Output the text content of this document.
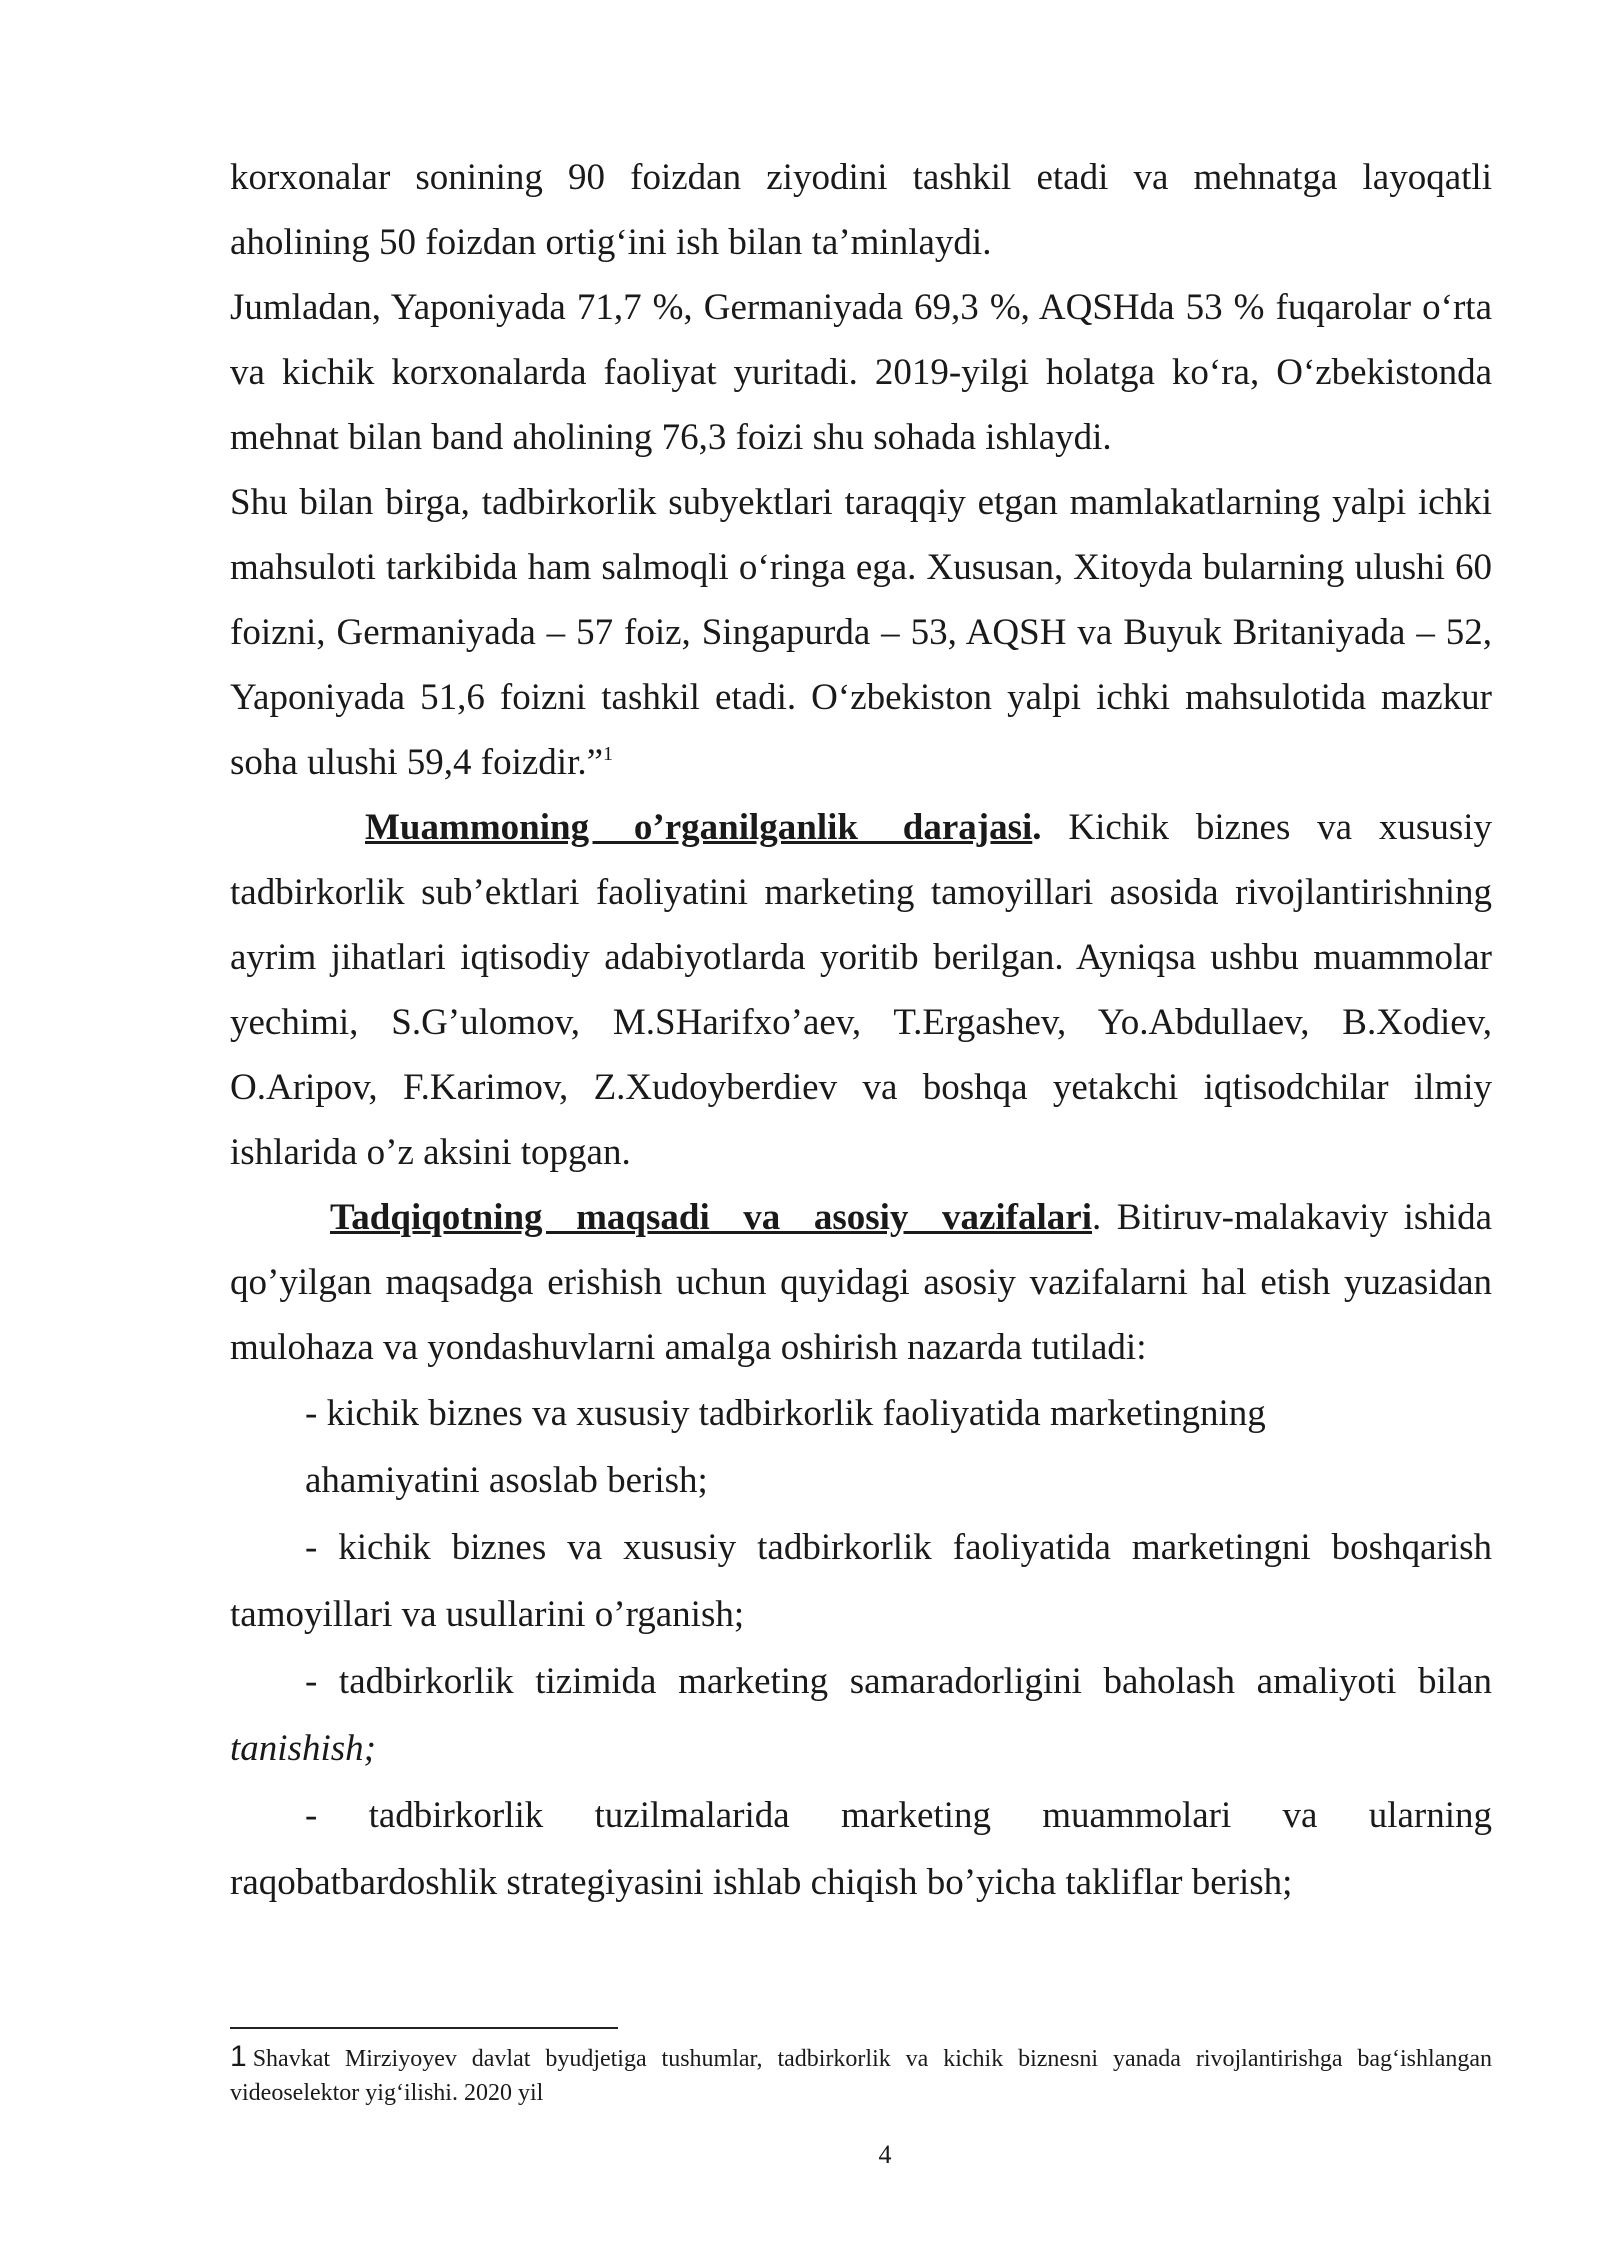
korxonalar sonining 90 foizdan ziyodini tashkil etadi va mehnatga layoqatli aholining 50 foizdan ortig‘ini ish bilan ta’minlaydi.

Jumladan, Yaponiyada 71,7 %, Germaniyada 69,3 %, AQSHda 53 % fuqarolar o‘rta va kichik korxonalarda faoliyat yuritadi. 2019-yilgi holatga ko‘ra, O‘zbekistonda mehnat bilan band aholining 76,3 foizi shu sohada ishlaydi.

Shu bilan birga, tadbirkorlik subyektlari taraqqiy etgan mamlakatlarning yalpi ichki mahsuloti tarkibida ham salmoqli o‘ringa ega. Xususan, Xitoyda bularning ulushi 60 foizni, Germaniyada – 57 foiz, Singapurda – 53, AQSH va Buyuk Britaniyada – 52, Yaponiyada 51,6 foizni tashkil etadi. O‘zbekiston yalpi ichki mahsulotida mazkur soha ulushi 59,4 foizdir.”$^1$

Muammoning o’rganilganlik darajasi. Kichik biznes va xususiy tadbirkorlik sub’ektlari faoliyatini marketing tamoyillari asosida rivojlantirishning ayrim jihatlari iqtisodiy adabiyotlarda yoritib berilgan. Ayniqsa ushbu muammolar yechimi, S.G’ulomov, M.SHarifxo’aev, T.Ergashev, Yo.Abdullaev, B.Xodiev, O.Aripov, F.Karimov, Z.Xudoyberdiev va boshqa yetakchi iqtisodchilar ilmiy ishlarida o’z aksini topgan.

Tadqiqotning maqsadi va asosiy vazifalari. Bitiruv-malakaviy ishida qo’yilgan maqsadga erishish uchun quyidagi asosiy vazifalarni hal etish yuzasidan mulohaza va yondashuvlarni amalga oshirish nazarda tutiladi:

- kichik biznes va xususiy tadbirkorlik faoliyatida marketingning

ahamiyatini asoslab berish;

- kichik biznes va xususiy tadbirkorlik faoliyatida marketingni boshqarish tamoyillari va usullarini o’rganish;

- tadbirkorlik tizimida marketing samaradorligini baholash amaliyoti bilan tanishish;

- tadbirkorlik tuzilmalarida marketing muammolari va ularning raqobatbardoshlik strategiyasini ishlab chiqish bo’yicha takliflar berish;

1 Shavkat Mirziyoyev davlat byudjetiga tushumlar, tadbirkorlik va kichik biznesni yanada rivojlantirishga bag‘ishlangan videoselektor yig‘ilishi. 2020 yil
4
